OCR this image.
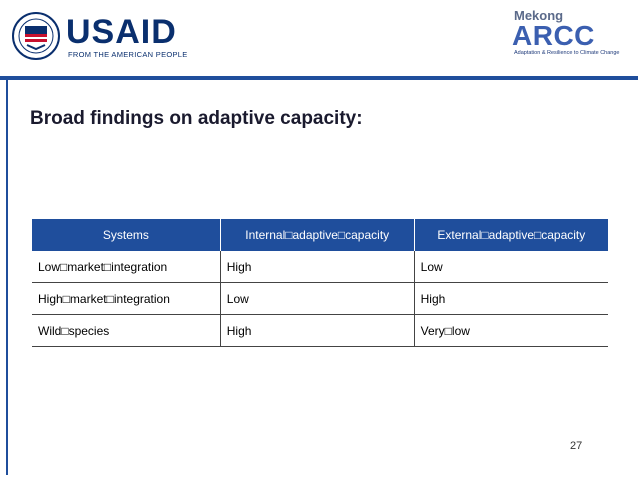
USAID
FROM THE AMERICAN PEOPLE
Mekong
ARCC
Adaptation & Resilience to Climate Change
Broad findings on adaptive capacity:
Systems	Internal□adaptive□capacity	External□adaptive□capacity
Low□market□integration	High	Low
High□market□integration	Low	High
Wild□species	High	Very□low
27
